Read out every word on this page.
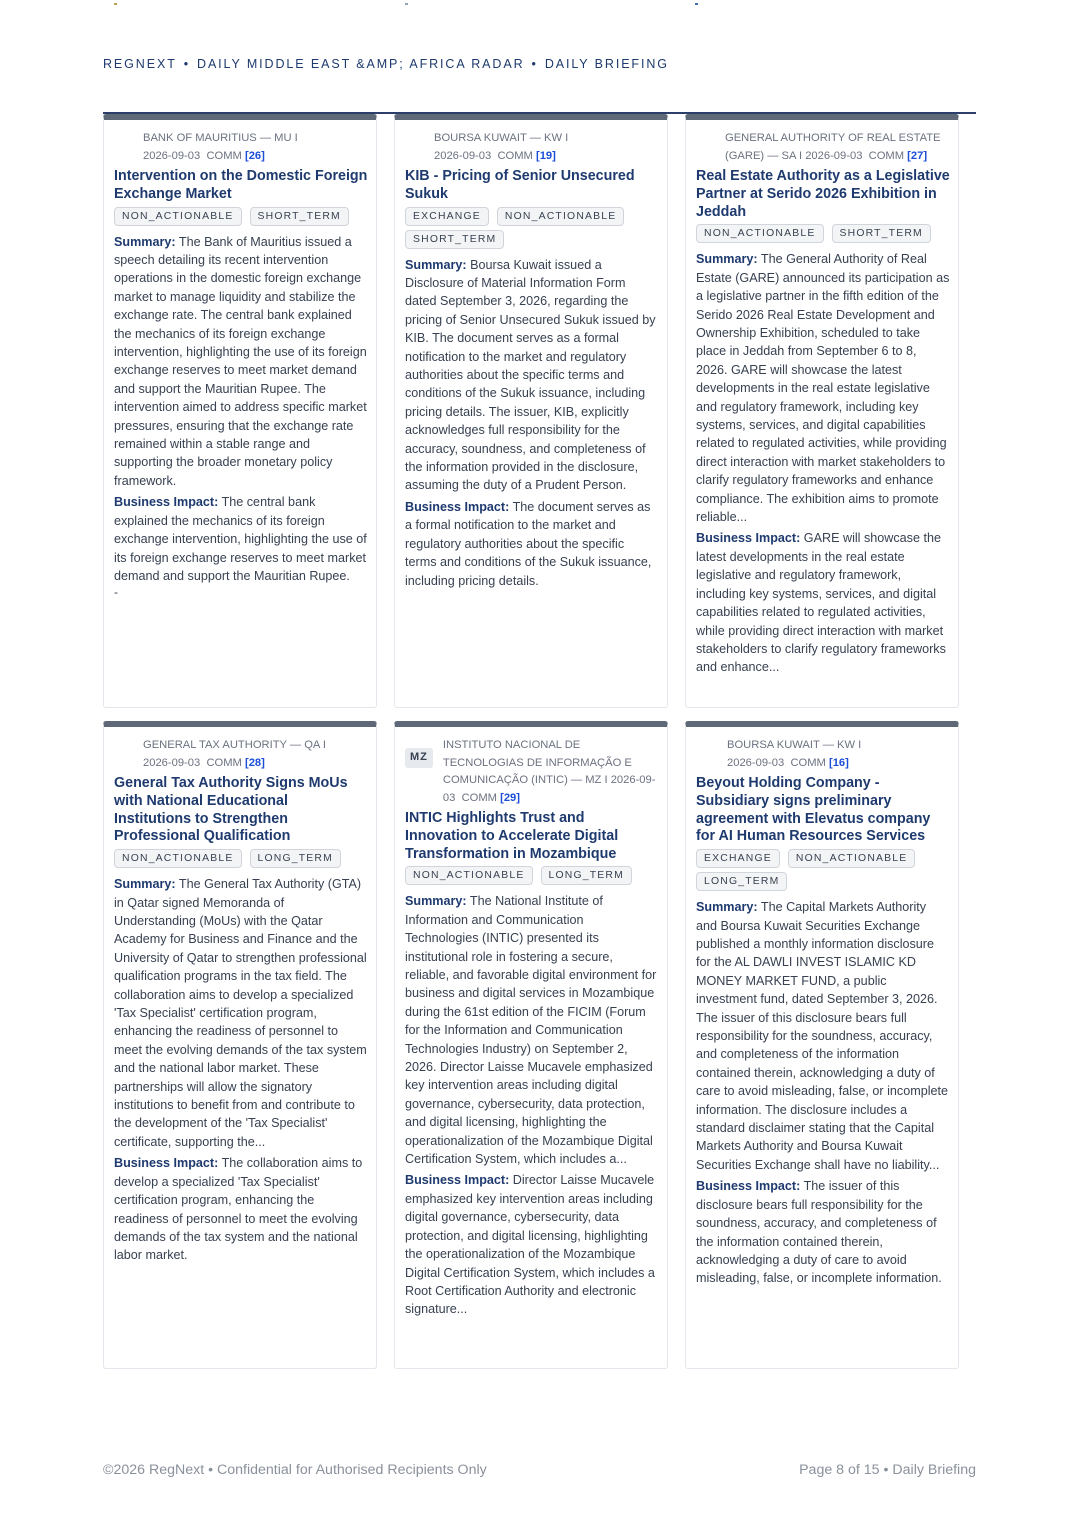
REGNEXT • DAILY MIDDLE EAST &AMP; AFRICA RADAR • DAILY BRIEFING
BANK OF MAURITIUS — MU I
2026-09-03 COMM [26]
Intervention on the Domestic Foreign Exchange Market
NON_ACTIONABLE	SHORT_TERM
Summary: The Bank of Mauritius issued a speech detailing its recent intervention operations in the domestic foreign exchange market to manage liquidity and stabilize the exchange rate. The central bank explained the mechanics of its foreign exchange intervention, highlighting the use of its foreign exchange reserves to meet market demand and support the Mauritian Rupee. The intervention aimed to address specific market pressures, ensuring that the exchange rate remained within a stable range and supporting the broader monetary policy framework.
Business Impact: The central bank explained the mechanics of its foreign exchange intervention, highlighting the use of its foreign exchange reserves to meet market demand and support the Mauritian Rupee.
-
BOURSA KUWAIT — KW I
2026-09-03 COMM [19]
KIB - Pricing of Senior Unsecured Sukuk
EXCHANGE	NON_ACTIONABLE
SHORT_TERM
Summary: Boursa Kuwait issued a Disclosure of Material Information Form dated September 3, 2026, regarding the pricing of Senior Unsecured Sukuk issued by KIB. The document serves as a formal notification to the market and regulatory authorities about the specific terms and conditions of the Sukuk issuance, including pricing details. The issuer, KIB, explicitly acknowledges full responsibility for the accuracy, soundness, and completeness of the information provided in the disclosure, assuming the duty of a Prudent Person.
Business Impact: The document serves as a formal notification to the market and regulatory authorities about the specific terms and conditions of the Sukuk issuance, including pricing details.
GENERAL AUTHORITY OF REAL ESTATE (GARE) — SA I 2026-09-03 COMM [27]
Real Estate Authority as a Legislative Partner at Serido 2026 Exhibition in Jeddah
NON_ACTIONABLE	SHORT_TERM
Summary: The General Authority of Real Estate (GARE) announced its participation as a legislative partner in the fifth edition of the Serido 2026 Real Estate Development and Ownership Exhibition, scheduled to take place in Jeddah from September 6 to 8, 2026. GARE will showcase the latest developments in the real estate legislative and regulatory framework, including key systems, services, and digital capabilities related to regulated activities, while providing direct interaction with market stakeholders to clarify regulatory frameworks and enhance compliance. The exhibition aims to promote reliable...
Business Impact: GARE will showcase the latest developments in the real estate legislative and regulatory framework, including key systems, services, and digital capabilities related to regulated activities, while providing direct interaction with market stakeholders to clarify regulatory frameworks and enhance...
GENERAL TAX AUTHORITY — QA I
2026-09-03 COMM [28]
General Tax Authority Signs MoUs with National Educational Institutions to Strengthen Professional Qualification
NON_ACTIONABLE	LONG_TERM
Summary: The General Tax Authority (GTA) in Qatar signed Memoranda of Understanding (MoUs) with the Qatar Academy for Business and Finance and the University of Qatar to strengthen professional qualification programs in the tax field. The collaboration aims to develop a specialized 'Tax Specialist' certification program, enhancing the readiness of personnel to meet the evolving demands of the tax system and the national labor market. These partnerships will allow the signatory institutions to benefit from and contribute to the development of the 'Tax Specialist' certificate, supporting the...
Business Impact: The collaboration aims to develop a specialized 'Tax Specialist' certification program, enhancing the readiness of personnel to meet the evolving demands of the tax system and the national labor market.
MZ
INSTITUTO NACIONAL DE TECNOLOGIAS DE INFORMAÇÃO E COMUNICAÇÃO (INTIC) — MZ I 2026-09-03 COMM [29]
INTIC Highlights Trust and Innovation to Accelerate Digital Transformation in Mozambique
NON_ACTIONABLE	LONG_TERM
Summary: The National Institute of Information and Communication Technologies (INTIC) presented its institutional role in fostering a secure, reliable, and favorable digital environment for business and digital services in Mozambique during the 61st edition of the FICIM (Forum for the Information and Communication Technologies Industry) on September 2, 2026. Director Laisse Mucavele emphasized key intervention areas including digital governance, cybersecurity, data protection, and digital licensing, highlighting the operationalization of the Mozambique Digital Certification System, which includes a...
Business Impact: Director Laisse Mucavele emphasized key intervention areas including digital governance, cybersecurity, data protection, and digital licensing, highlighting the operationalization of the Mozambique Digital Certification System, which includes a Root Certification Authority and electronic signature...
BOURSA KUWAIT — KW I
2026-09-03 COMM [16]
Beyout Holding Company - Subsidiary signs preliminary agreement with Elevatus company for AI Human Resources Services
EXCHANGE	NON_ACTIONABLE
LONG_TERM
Summary: The Capital Markets Authority and Boursa Kuwait Securities Exchange published a monthly information disclosure for the AL DAWLI INVEST ISLAMIC KD MONEY MARKET FUND, a public investment fund, dated September 3, 2026. The issuer of this disclosure bears full responsibility for the soundness, accuracy, and completeness of the information contained therein, acknowledging a duty of care to avoid misleading, false, or incomplete information. The disclosure includes a standard disclaimer stating that the Capital Markets Authority and Boursa Kuwait Securities Exchange shall have no liability...
Business Impact: The issuer of this disclosure bears full responsibility for the soundness, accuracy, and completeness of the information contained therein, acknowledging a duty of care to avoid misleading, false, or incomplete information.
©2026 RegNext • Confidential for Authorised Recipients Only	Page 8 of 15 • Daily Briefing
